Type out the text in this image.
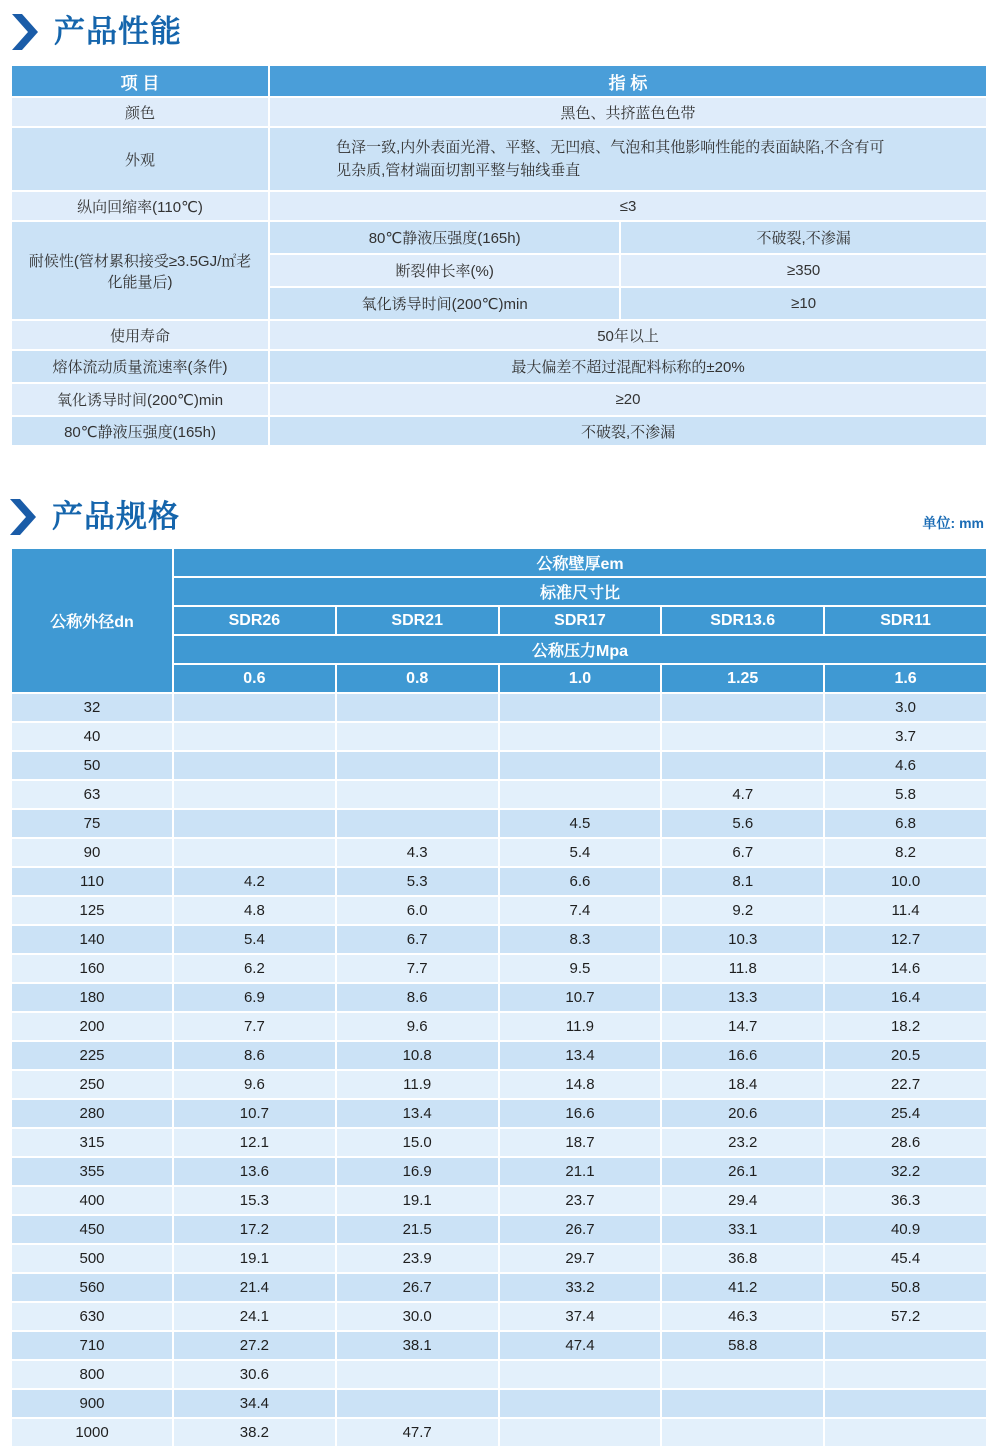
产品性能
项 目	指 标	
颜色	黑色、共挤蓝色色带	
外观	色泽一致,内外表面光滑、平整、无凹痕、气泡和其他影响性能的表面缺陷,不含有可见杂质,管材端面切割平整与轴线垂直	
纵向回缩率(110℃)	≤3	
耐候性(管材累积接受≥3.5GJ/㎡老化能量后)	80℃静液压强度(165h)	不破裂,不渗漏
	断裂伸长率(%)	≥350
	氧化诱导时间(200℃)min	≥10
使用寿命	50年以上	
熔体流动质量流速率(条件)	最大偏差不超过混配料标称的±20%	
氧化诱导时间(200℃)min	≥20	
80℃静液压强度(165h)	不破裂,不渗漏	
产品规格	单位: mm
公称外径dn	公称壁厚em				
	标准尺寸比				
	SDR26	SDR21	SDR17	SDR13.6	SDR11
	公称压力Mpa				
	0.6	0.8	1.0	1.25	1.6
32					3.0
40					3.7
50					4.6
63				4.7	5.8
75			4.5	5.6	6.8
90		4.3	5.4	6.7	8.2
110	4.2	5.3	6.6	8.1	10.0
125	4.8	6.0	7.4	9.2	11.4
140	5.4	6.7	8.3	10.3	12.7
160	6.2	7.7	9.5	11.8	14.6
180	6.9	8.6	10.7	13.3	16.4
200	7.7	9.6	11.9	14.7	18.2
225	8.6	10.8	13.4	16.6	20.5
250	9.6	11.9	14.8	18.4	22.7
280	10.7	13.4	16.6	20.6	25.4
315	12.1	15.0	18.7	23.2	28.6
355	13.6	16.9	21.1	26.1	32.2
400	15.3	19.1	23.7	29.4	36.3
450	17.2	21.5	26.7	33.1	40.9
500	19.1	23.9	29.7	36.8	45.4
560	21.4	26.7	33.2	41.2	50.8
630	24.1	30.0	37.4	46.3	57.2
710	27.2	38.1	47.4	58.8	
800	30.6				
900	34.4				
1000	38.2	47.7			
